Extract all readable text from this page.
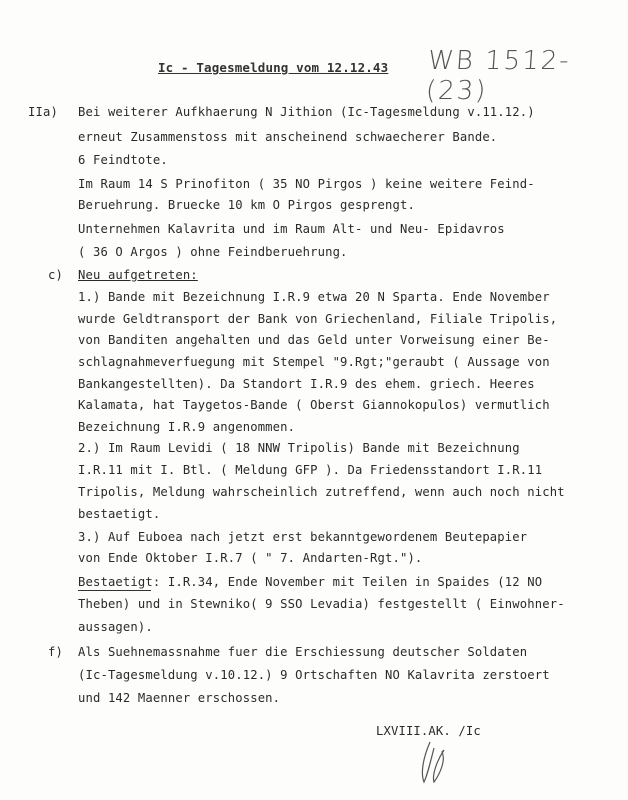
Ic - Tagesmeldung vom 12.12.43 WB 1512-(23)
IIa) Bei weiterer Aufkhaerung N Jithion (Ic-Tagesmeldung v.11.12.)
erneut Zusammenstoss mit anscheinend schwaecherer Bande.
6 Feindtote.
Im Raum 14 S Prinofiton ( 35 NO Pirgos ) keine weitere Feind-
Beruehrung. Bruecke 10 km O Pirgos gesprengt.
Unternehmen Kalavrita und im Raum Alt- und Neu- Epidavros
( 36 O Argos ) ohne Feindberuehrung.
c) Neu aufgetreten:
1.) Bande mit Bezeichnung I.R.9 etwa 20 N Sparta. Ende November
wurde Geldtransport der Bank von Griechenland, Filiale Tripolis,
von Banditen angehalten und das Geld unter Vorweisung einer Be-
schlagnahmeverfuegung mit Stempel "9.Rgt;"geraubt ( Aussage von
Bankangestellten). Da Standort I.R.9 des ehem. griech. Heeres
Kalamata, hat Taygetos-Bande ( Oberst Giannokopulos) vermutlich
Bezeichnung I.R.9 angenommen.
2.) Im Raum Levidi ( 18 NNW Tripolis) Bande mit Bezeichnung
I.R.11 mit I. Btl. ( Meldung GFP ). Da Friedensstandort I.R.11
Tripolis, Meldung wahrscheinlich zutreffend, wenn auch noch nicht
bestaetigt.
3.) Auf Euboea nach jetzt erst bekanntgewordenem Beutepapier
von Ende Oktober I.R.7 ( " 7. Andarten-Rgt.").
Bestaetigt: I.R.34, Ende November mit Teilen in Spaides (12 NO
Theben) und in Stewniko( 9 SSO Levadia) festgestellt ( Einwohner-
aussagen).
f) Als Suehnemassnahme fuer die Erschiessung deutscher Soldaten
(Ic-Tagesmeldung v.10.12.) 9 Ortschaften NO Kalavrita zerstoert
und 142 Maenner erschossen.
LXVIII.AK. /Ic
